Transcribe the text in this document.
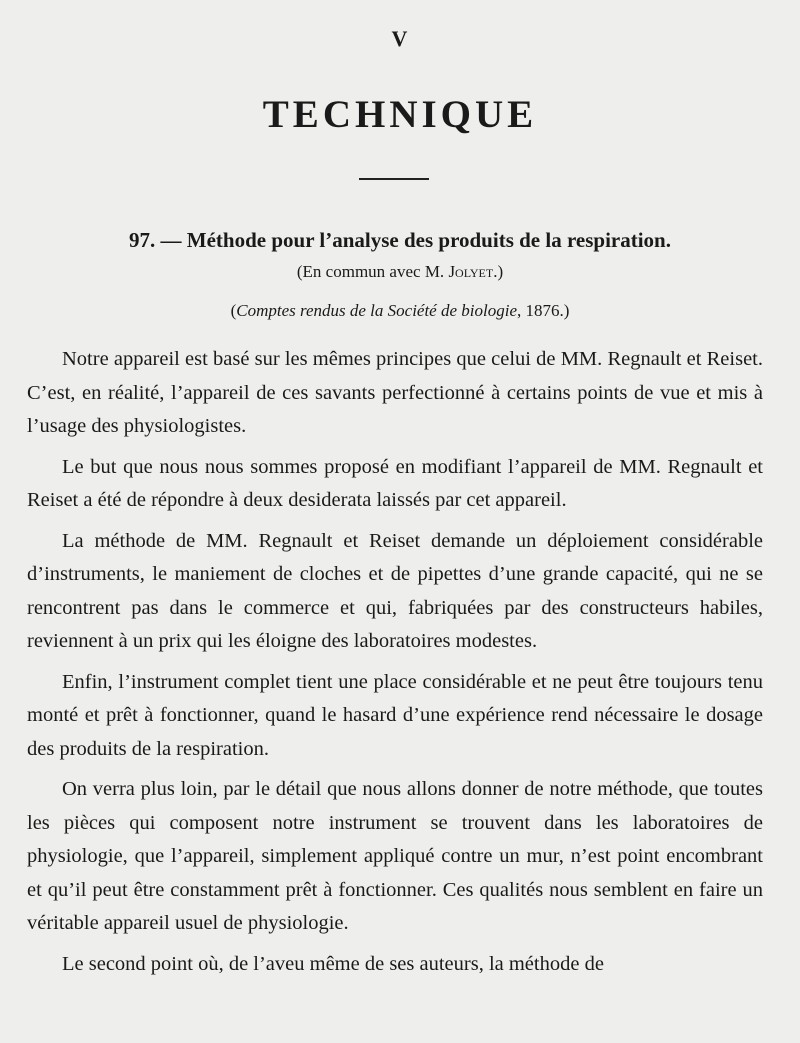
V
TECHNIQUE
97. — Méthode pour l’analyse des produits de la respiration.
(En commun avec M. Jolyet.)
(Comptes rendus de la Société de biologie, 1876.)

Notre appareil est basé sur les mêmes principes que celui de MM. Regnault et Reiset. C’est, en réalité, l’appareil de ces savants perfectionné à certains points de vue et mis à l’usage des physiologistes.

Le but que nous nous sommes proposé en modifiant l’appareil de MM. Regnault et Reiset a été de répondre à deux desiderata laissés par cet appareil.

La méthode de MM. Regnault et Reiset demande un déploiement considérable d’instruments, le maniement de cloches et de pipettes d’une grande capacité, qui ne se rencontrent pas dans le commerce et qui, fabriquées par des constructeurs habiles, reviennent à un prix qui les éloigne des laboratoires modestes.

Enfin, l’instrument complet tient une place considérable et ne peut être toujours tenu monté et prêt à fonctionner, quand le hasard d’une expérience rend nécessaire le dosage des produits de la respiration.

On verra plus loin, par le détail que nous allons donner de notre méthode, que toutes les pièces qui composent notre instrument se trouvent dans les laboratoires de physiologie, que l’appareil, simplement appliqué contre un mur, n’est point encombrant et qu’il peut être constamment prêt à fonctionner. Ces qualités nous semblent en faire un véritable appareil usuel de physiologie.

Le second point où, de l’aveu même de ses auteurs, la méthode de
